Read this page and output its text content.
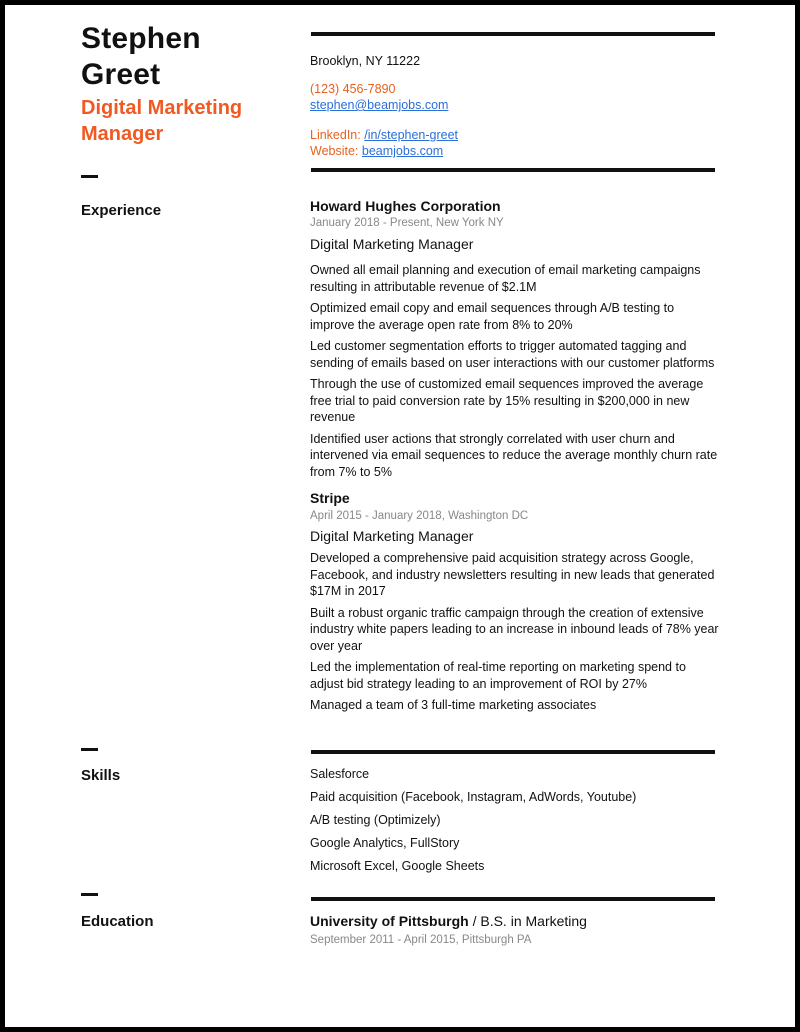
Stephen
Greet
Digital Marketing
Manager
Brooklyn, NY 11222
(123) 456-7890
stephen@beamjobs.com
LinkedIn: /in/stephen-greet
Website: beamjobs.com
Experience	Howard Hughes Corporation
January 2018 - Present, New York NY
Digital Marketing Manager
Owned all email planning and execution of email marketing campaigns resulting in attributable revenue of $2.1M
Optimized email copy and email sequences through A/B testing to improve the average open rate from 8% to 20%
Led customer segmentation efforts to trigger automated tagging and sending of emails based on user interactions with our customer platforms
Through the use of customized email sequences improved the average free trial to paid conversion rate by 15% resulting in $200,000 in new revenue
Identified user actions that strongly correlated with user churn and intervened via email sequences to reduce the average monthly churn rate from 7% to 5%
Stripe
April 2015 - January 2018, Washington DC
Digital Marketing Manager
Developed a comprehensive paid acquisition strategy across Google, Facebook, and industry newsletters resulting in new leads that generated $17M in 2017
Built a robust organic traffic campaign through the creation of extensive industry white papers leading to an increase in inbound leads of 78% year over year
Led the implementation of real-time reporting on marketing spend to adjust bid strategy leading to an improvement of ROI by 27%
Managed a team of 3 full-time marketing associates
Skills	Salesforce
Paid acquisition (Facebook, Instagram, AdWords, Youtube)
A/B testing (Optimizely)
Google Analytics, FullStory
Microsoft Excel, Google Sheets
Education	University of Pittsburgh / B.S. in Marketing
September 2011 - April 2015, Pittsburgh PA
